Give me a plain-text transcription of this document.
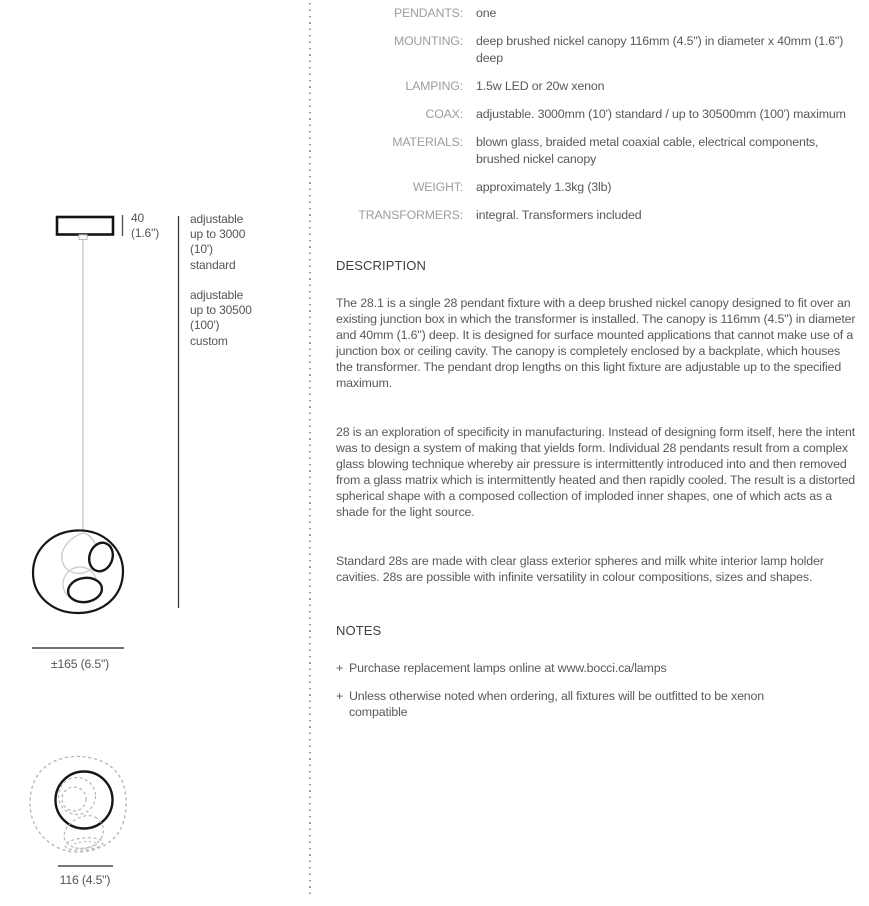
40
(1.6")
adjustable
up to 3000
(10')
standard
adjustable
up to 30500
(100')
custom
±165 (6.5")
116 (4.5")
PENDANTS: one
MOUNTING: deep brushed nickel canopy 116mm (4.5") in diameter x 40mm (1.6") deep
LAMPING: 1.5w LED or 20w xenon
COAX: adjustable. 3000mm (10') standard / up to 30500mm (100') maximum
MATERIALS: blown glass, braided metal coaxial cable, electrical components, brushed nickel canopy
WEIGHT: approximately 1.3kg (3lb)
TRANSFORMERS: integral. Transformers included
DESCRIPTION

The 28.1 is a single 28 pendant fixture with a deep brushed nickel canopy designed to fit over an existing junction box in which the transformer is installed. The canopy is 116mm (4.5") in diameter and 40mm (1.6") deep. It is designed for surface mounted applications that cannot make use of a junction box or ceiling cavity. The canopy is completely enclosed by a backplate, which houses the transformer. The pendant drop lengths on this light fixture are adjustable up to the specified maximum.

28 is an exploration of specificity in manufacturing. Instead of designing form itself, here the intent was to design a system of making that yields form. Individual 28 pendants result from a complex glass blowing technique whereby air pressure is intermittently introduced into and then removed from a glass matrix which is intermittently heated and then rapidly cooled. The result is a distorted spherical shape with a composed collection of imploded inner shapes, one of which acts as a shade for the light source.

Standard 28s are made with clear glass exterior spheres and milk white interior lamp holder cavities. 28s are possible with infinite versatility in colour compositions, sizes and shapes.

NOTES
+ Purchase replacement lamps online at www.bocci.ca/lamps
+ Unless otherwise noted when ordering, all fixtures will be outfitted to be xenon compatible
